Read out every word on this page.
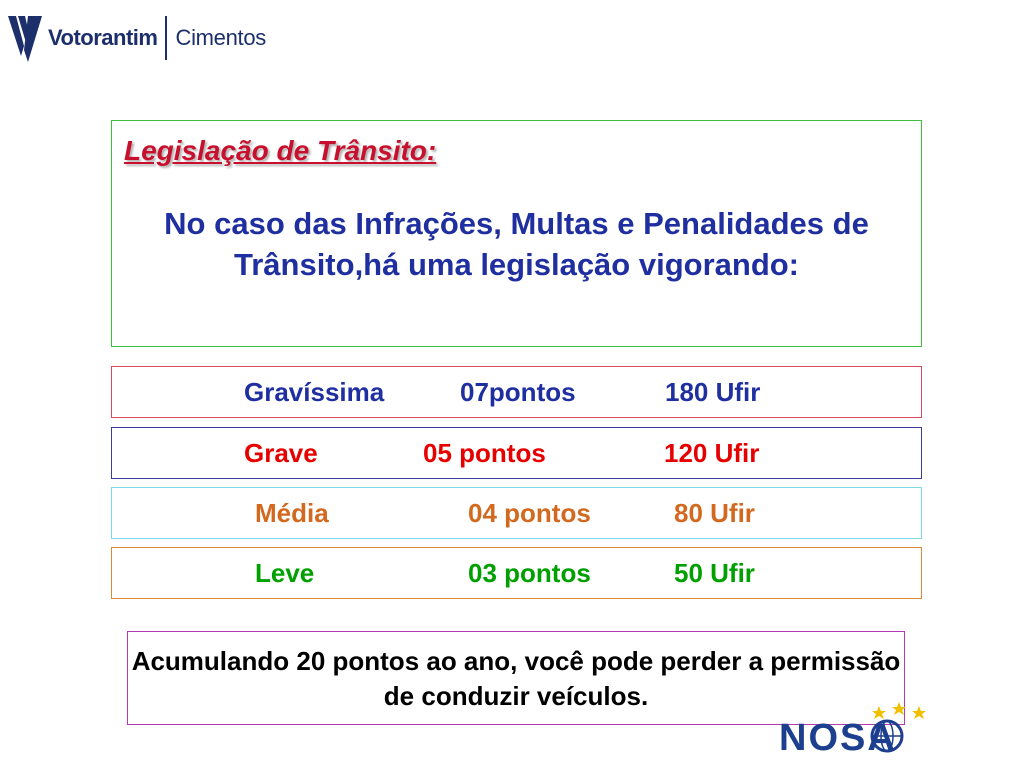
Votorantim Cimentos
Legislação de Trânsito:

No caso das Infrações, Multas e Penalidades de Trânsito,há uma legislação vigorando:

Gravíssima	07pontos	180 Ufir
Grave	05 pontos	120 Ufir
Média	04 pontos	80 Ufir
Leve	03 pontos	50 Ufir

Acumulando 20 pontos ao ano, você pode perder a permissão de conduzir veículos.

NOSA
